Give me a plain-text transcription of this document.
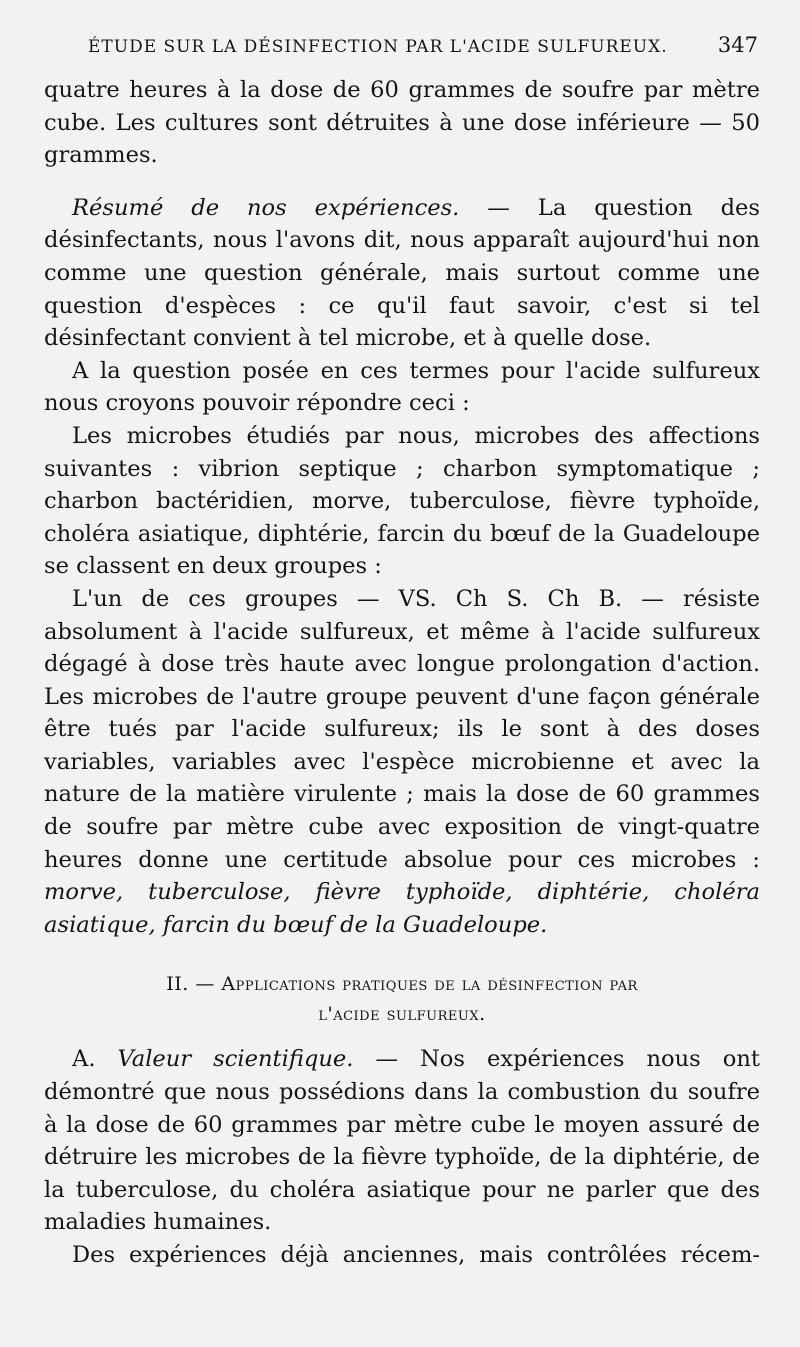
ÉTUDE SUR LA DÉSINFECTION PAR L'ACIDE SULFUREUX. 347

quatre heures à la dose de 60 grammes de soufre par mètre cube. Les cultures sont détruites à une dose inférieure — 50 grammes.

Résumé de nos expériences. — La question des désinfectants, nous l'avons dit, nous apparaît aujourd'hui non comme une question générale, mais surtout comme une question d'espèces : ce qu'il faut savoir, c'est si tel désinfectant convient à tel microbe, et à quelle dose.

A la question posée en ces termes pour l'acide sulfureux nous croyons pouvoir répondre ceci :

Les microbes étudiés par nous, microbes des affections suivantes : vibrion septique ; charbon symptomatique ; charbon bactéridien, morve, tuberculose, fièvre typhoïde, choléra asiatique, diphtérie, farcin du bœuf de la Guadeloupe se classent en deux groupes :

L'un de ces groupes — VS. Ch S. Ch B. — résiste absolument à l'acide sulfureux, et même à l'acide sulfureux dégagé à dose très haute avec longue prolongation d'action. Les microbes de l'autre groupe peuvent d'une façon générale être tués par l'acide sulfureux; ils le sont à des doses variables, variables avec l'espèce microbienne et avec la nature de la matière virulente ; mais la dose de 60 grammes de soufre par mètre cube avec exposition de vingt-quatre heures donne une certitude absolue pour ces microbes : morve, tuberculose, fièvre typhoïde, diphtérie, choléra asiatique, farcin du bœuf de la Guadeloupe.

II. — Applications pratiques de la désinfection par
l'acide sulfureux.

A. Valeur scientifique. — Nos expériences nous ont démontré que nous possédions dans la combustion du soufre à la dose de 60 grammes par mètre cube le moyen assuré de détruire les microbes de la fièvre typhoïde, de la diphtérie, de la tuberculose, du choléra asiatique pour ne parler que des maladies humaines.

Des expériences déjà anciennes, mais contrôlées récem-
